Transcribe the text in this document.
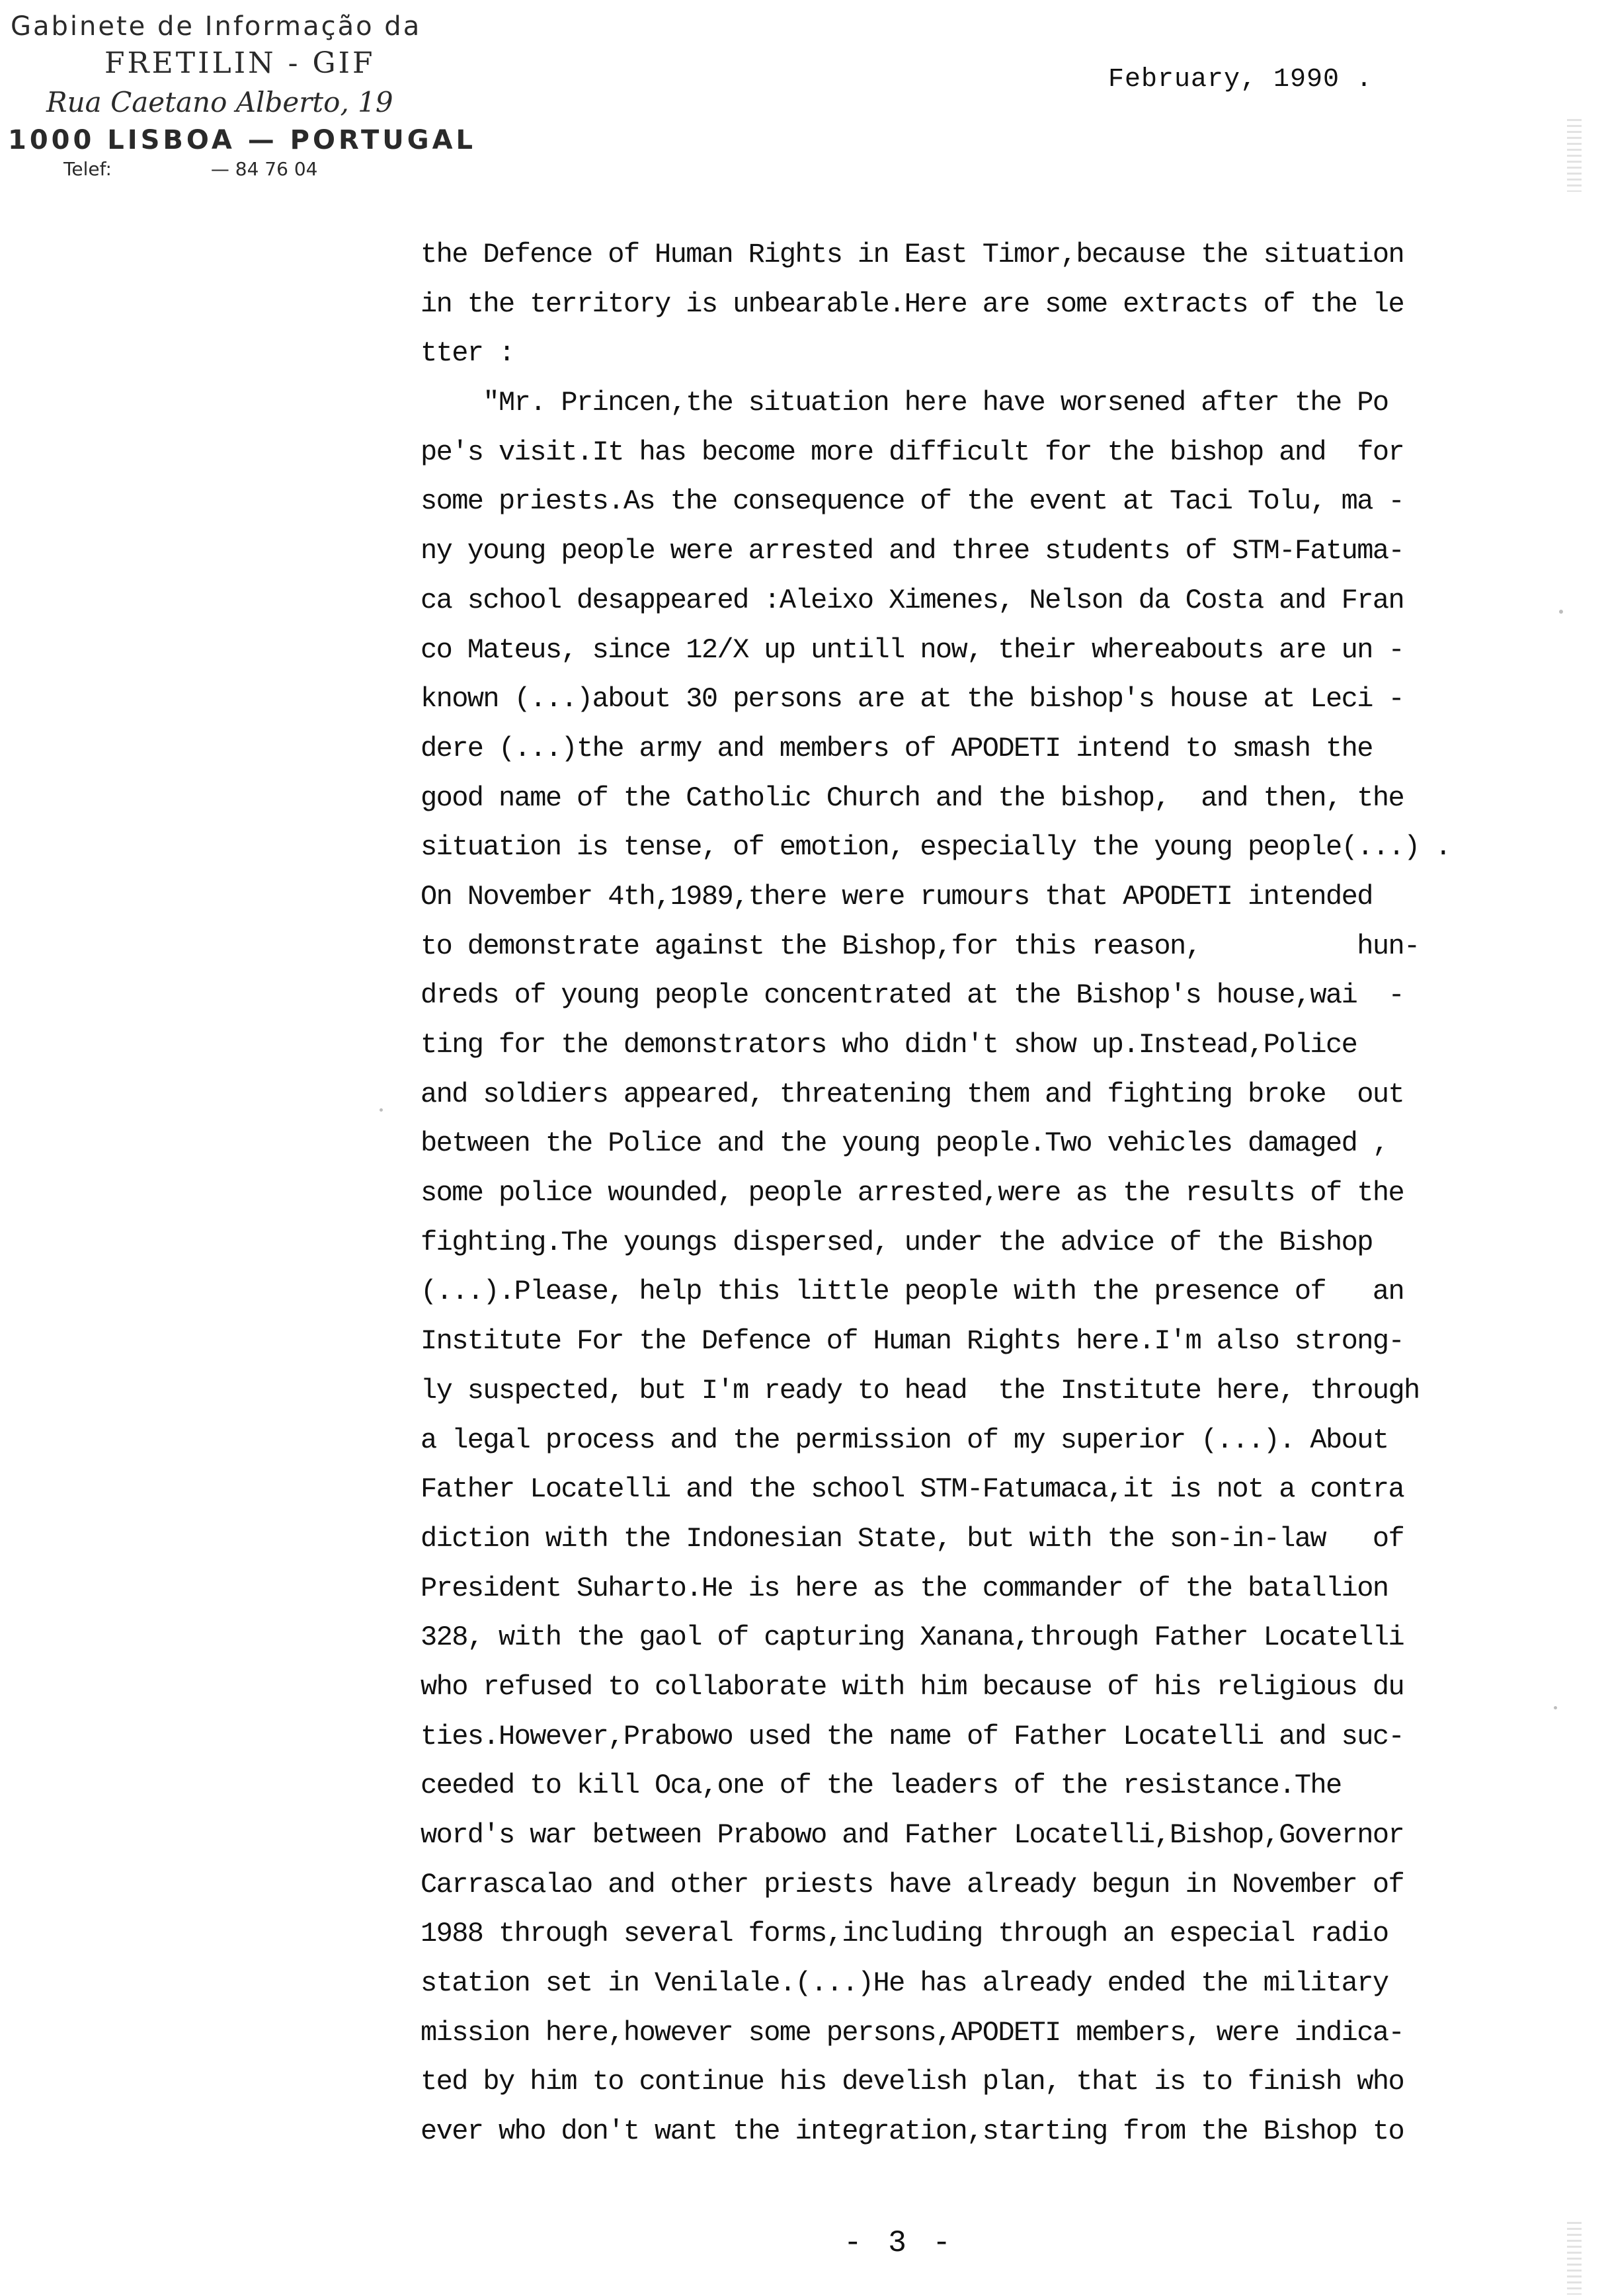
Gabinete de Informação da
FRETILIN - GIF
Rua Caetano Alberto, 19
1000 LISBOA — PORTUGAL
Telef:	— 84 76 04
February, 1990 .
the Defence of Human Rights in East Timor,because the situation
in the territory is unbearable.Here are some extracts of the le
tter :
"Mr. Princen,the situation here have worsened after the Po
pe's visit.It has become more difficult for the bishop and  for
some priests.As the consequence of the event at Taci Tolu, ma -
ny young people were arrested and three students of STM-Fatuma-
ca school desappeared :Aleixo Ximenes, Nelson da Costa and Fran
co Mateus, since 12/X up untill now, their whereabouts are un -
known (...)about 30 persons are at the bishop's house at Leci -
dere (...)the army and members of APODETI intend to smash the
good name of the Catholic Church and the bishop,  and then, the
situation is tense, of emotion, especially the young people(...) .
On November 4th,1989,there were rumours that APODETI intended
to demonstrate against the Bishop,for this reason,          hun-
dreds of young people concentrated at the Bishop's house,wai  -
ting for the demonstrators who didn't show up.Instead,Police
and soldiers appeared, threatening them and fighting broke  out
between the Police and the young people.Two vehicles damaged ,
some police wounded, people arrested,were as the results of the
fighting.The youngs dispersed, under the advice of the Bishop
(...).Please, help this little people with the presence of   an
Institute For the Defence of Human Rights here.I'm also strong-
ly suspected, but I'm ready to head  the Institute here, through
a legal process and the permission of my superior (...). About
Father Locatelli and the school STM-Fatumaca,it is not a contra
diction with the Indonesian State, but with the son-in-law   of
President Suharto.He is here as the commander of the batallion
328, with the gaol of capturing Xanana,through Father Locatelli
who refused to collaborate with him because of his religious du
ties.However,Prabowo used the name of Father Locatelli and suc-
ceeded to kill Oca,one of the leaders of the resistance.The
word's war between Prabowo and Father Locatelli,Bishop,Governor
Carrascalao and other priests have already begun in November of
1988 through several forms,including through an especial radio
station set in Venilale.(...)He has already ended the military
mission here,however some persons,APODETI members, were indica-
ted by him to continue his develish plan, that is to finish who
ever who don't want the integration,starting from the Bishop to
- 3 -
